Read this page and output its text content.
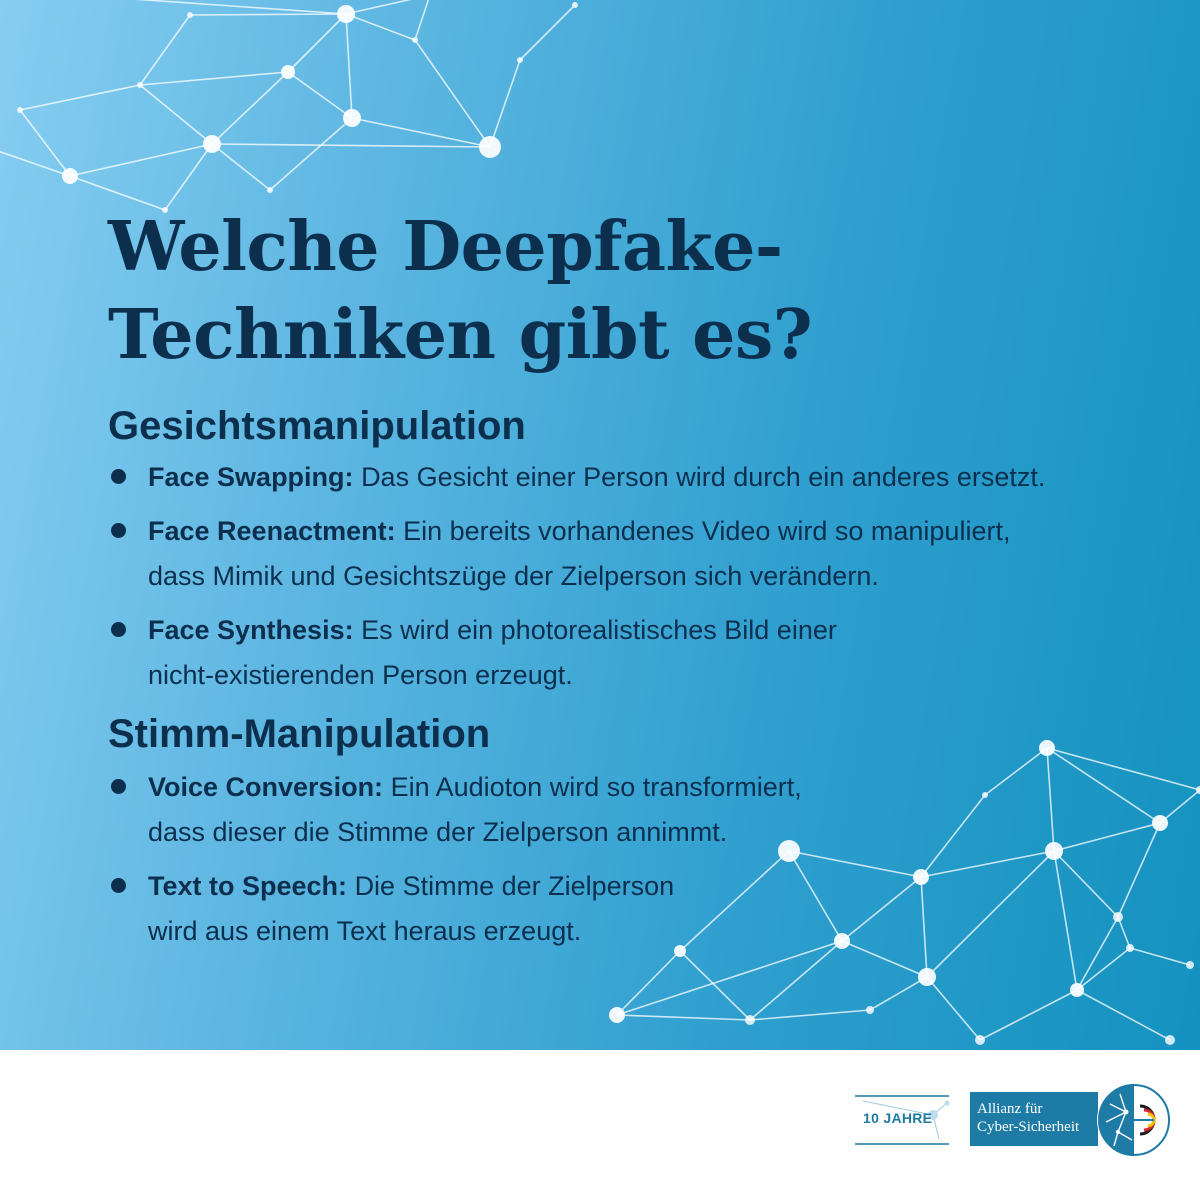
Welche Deepfake-
Techniken gibt es?
Gesichtsmanipulation
Face Swapping: Das Gesicht einer Person wird durch ein anderes ersetzt.
Face Reenactment: Ein bereits vorhandenes Video wird so manipuliert,
dass Mimik und Gesichtszüge der Zielperson sich verändern.
Face Synthesis: Es wird ein photorealistisches Bild einer
nicht-existierenden Person erzeugt.
Stimm-Manipulation
Voice Conversion: Ein Audioton wird so transformiert,
dass dieser die Stimme der Zielperson annimmt.
Text to Speech: Die Stimme der Zielperson
wird aus einem Text heraus erzeugt.
10 JAHRE
Allianz für
Cyber-Sicherheit
